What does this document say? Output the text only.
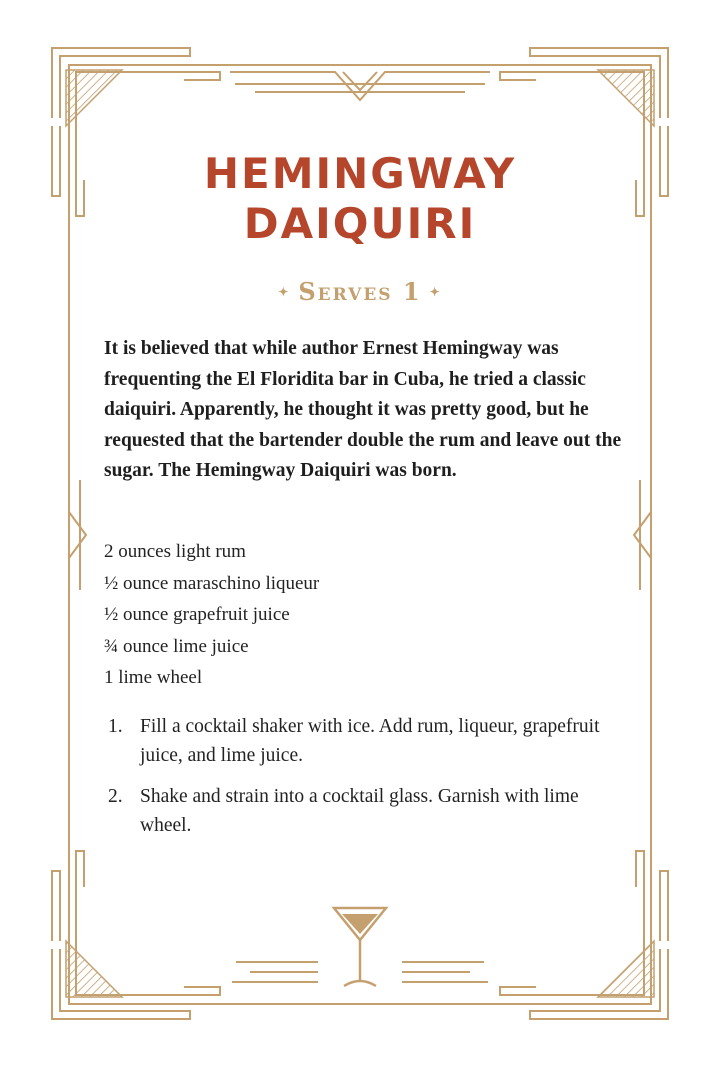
HEMINGWAY
DAIQUIRI
✦ Serves 1 ✦

It is believed that while author Ernest Hemingway was frequenting the El Floridita bar in Cuba, he tried a classic daiquiri. Apparently, he thought it was pretty good, but he requested that the bartender double the rum and leave out the sugar. The Hemingway Daiquiri was born.

2 ounces light rum
½ ounce maraschino liqueur
½ ounce grapefruit juice
¾ ounce lime juice
1 lime wheel
1. Fill a cocktail shaker with ice. Add rum, liqueur, grapefruit juice, and lime juice.
2. Shake and strain into a cocktail glass. Garnish with lime wheel.
